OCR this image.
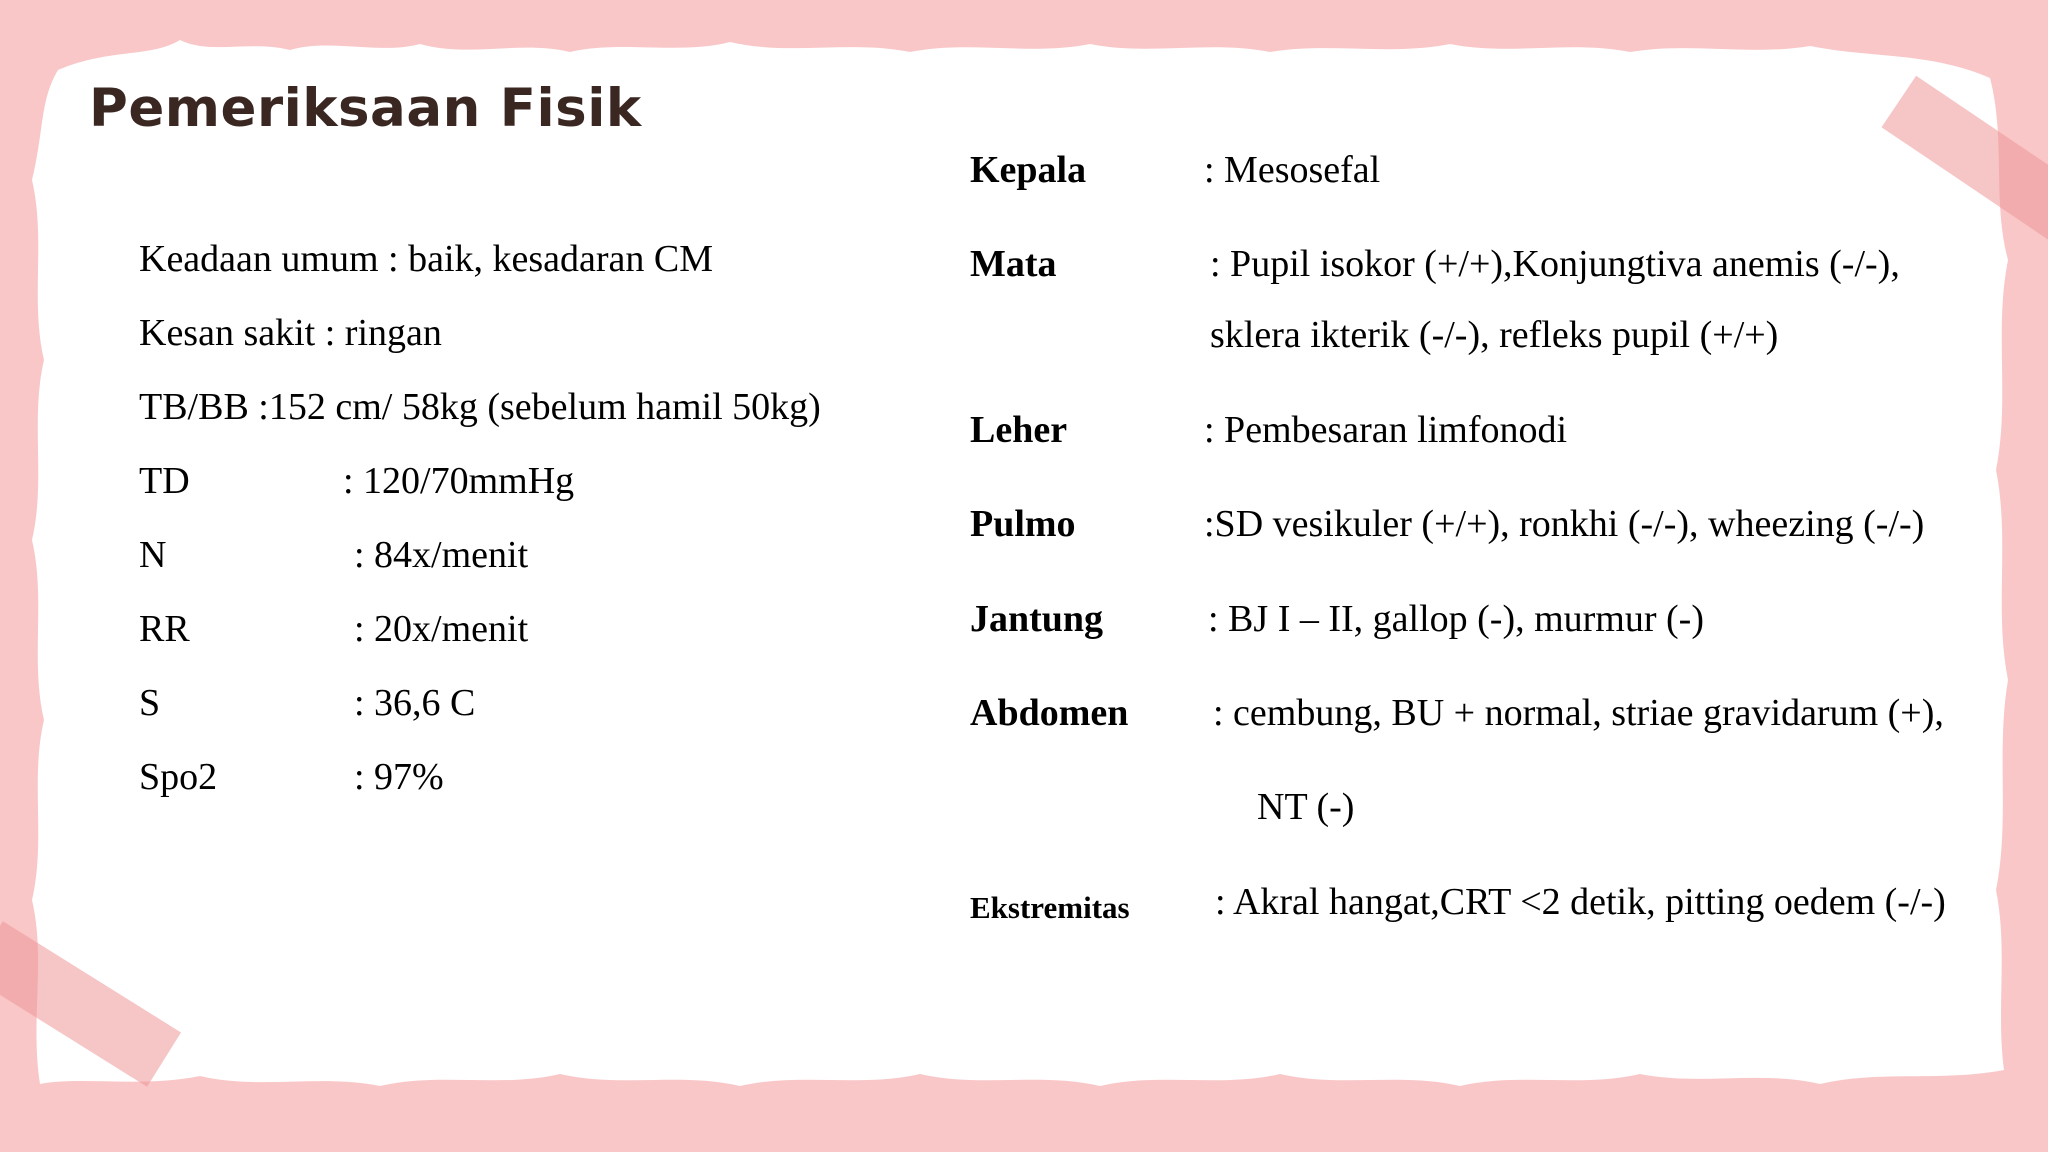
Pemeriksaan Fisik
Keadaan umum : baik, kesadaran CM
Kesan sakit : ringan
TB/BB :152 cm/ 58kg (sebelum hamil 50kg)
TD	: 120/70mmHg
N	: 84x/menit
RR	: 20x/menit
S	: 36,6 C
Spo2	: 97%
Kepala	: Mesosefal
Mata	: Pupil isokor (+/+),Konjungtiva anemis (-/-),
sklera ikterik (-/-), refleks pupil (+/+)
Leher	: Pembesaran limfonodi
Pulmo	:SD vesikuler (+/+), ronkhi (-/-), wheezing (-/-)
Jantung	: BJ I – II, gallop (-), murmur (-)
Abdomen : cembung, BU + normal, striae gravidarum (+),
NT (-)
Ekstremitas : Akral hangat,CRT <2 detik, pitting oedem (-/-)
